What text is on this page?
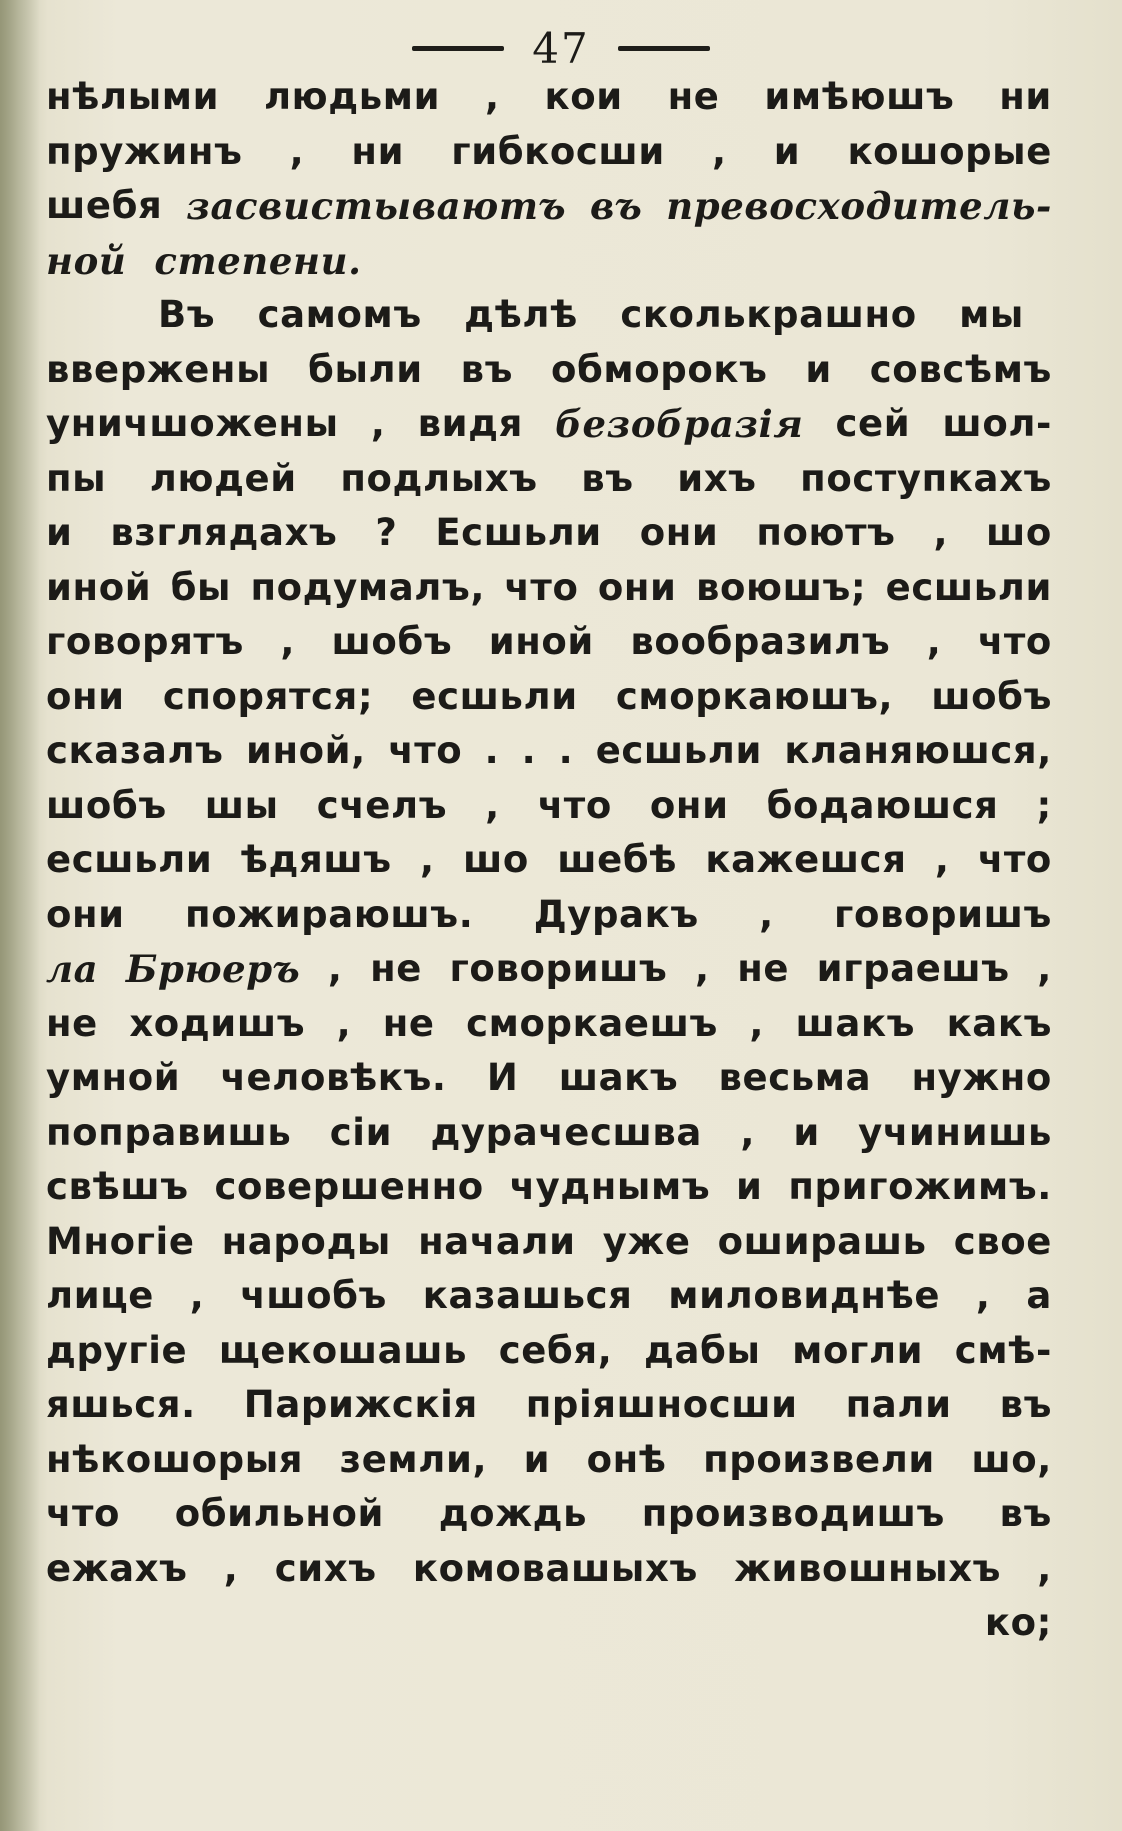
47
нѣлыми людьми , кои не имѣюшъ ни
пружинъ , ни гибкосши , и кошорые
шебя засвистываютъ въ превосходитель-
ной степени.
Въ самомъ дѣлѣ сколькрашно мы
ввержены были въ обморокъ и совсѣмъ
уничшожены , видя безобразія сей шол-
пы людей подлыхъ въ ихъ поступкахъ
и взглядахъ ? Есшьли они поютъ , шо
иной бы подумалъ, что они воюшъ; есшьли
говорятъ , шобъ иной вообразилъ , что
они спорятся; есшьли сморкаюшъ, шобъ
сказалъ иной, что . . . есшьли кланяюшся,
шобъ шы счелъ , что они бодаюшся ;
есшьли ѣдяшъ , шо шебѣ кажешся , что
они пожираюшъ. Дуракъ , говоришъ
ла Брюеръ , не говоришъ , не играешъ ,
не ходишъ , не сморкаешъ , шакъ какъ
умной человѣкъ. И шакъ весьма нужно
поправишь сіи дурачесшва , и учинишь
свѣшъ совершенно чуднымъ и пригожимъ.
Многіе народы начали уже оширашь свое
лице , чшобъ казашься миловиднѣе , а
другіе щекошашь себя, дабы могли смѣ-
яшься. Парижскія пріяшносши пали въ
нѣкошорыя земли, и онѣ произвели шо,
что обильной дождь производишъ въ
ежахъ , сихъ комовашыхъ живошныхъ ,
ко;
